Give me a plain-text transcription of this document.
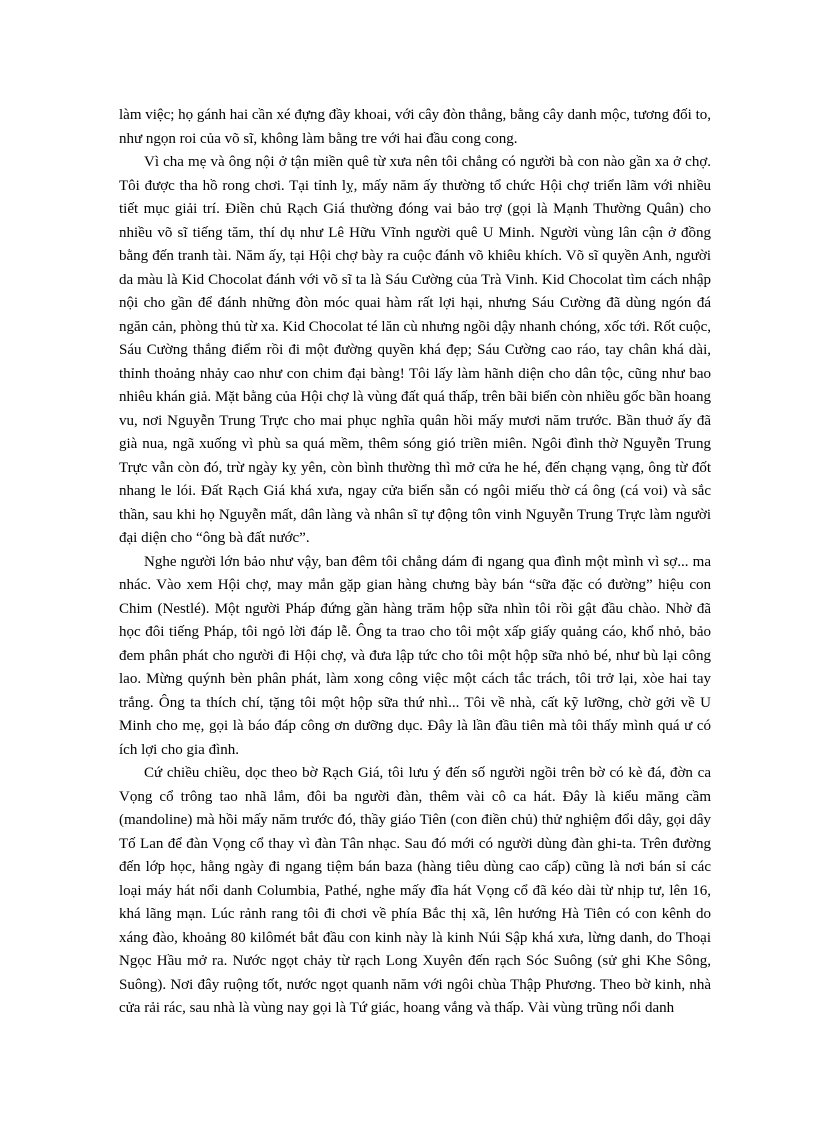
làm việc; họ gánh hai cần xé đựng đầy khoai, với cây đòn thẳng, bằng cây danh mộc, tương đối to, như ngọn roi của võ sĩ, không làm bằng tre với hai đầu cong cong.

Vì cha mẹ và ông nội ở tận miền quê từ xưa nên tôi chẳng có người bà con nào gần xa ở chợ. Tôi được tha hồ rong chơi. Tại tỉnh lỵ, mấy năm ấy thường tổ chức Hội chợ triển lãm với nhiều tiết mục giải trí. Điền chủ Rạch Giá thường đóng vai bảo trợ (gọi là Mạnh Thường Quân) cho nhiều võ sĩ tiếng tăm, thí dụ như Lê Hữu Vĩnh người quê U Minh. Người vùng lân cận ở đồng bằng đến tranh tài. Năm ấy, tại Hội chợ bày ra cuộc đánh võ khiêu khích. Võ sĩ quyền Anh, người da màu là Kid Chocolat đánh với võ sĩ ta là Sáu Cường của Trà Vinh. Kid Chocolat tìm cách nhập nội cho gần để đánh những đòn móc quai hàm rất lợi hại, nhưng Sáu Cường đã dùng ngón đá ngăn cản, phòng thủ từ xa. Kid Chocolat té lăn cù nhưng ngồi dậy nhanh chóng, xốc tới. Rốt cuộc, Sáu Cường thắng điểm rồi đi một đường quyền khá đẹp; Sáu Cường cao ráo, tay chân khá dài, thỉnh thoảng nhảy cao như con chim đại bàng! Tôi lấy làm hãnh diện cho dân tộc, cũng như bao nhiêu khán giả. Mặt bằng của Hội chợ là vùng đất quá thấp, trên bãi biển còn nhiều gốc bần hoang vu, nơi Nguyễn Trung Trực cho mai phục nghĩa quân hồi mấy mươi năm trước. Bần thuở ấy đã già nua, ngã xuống vì phù sa quá mềm, thêm sóng gió triền miên. Ngôi đình thờ Nguyễn Trung Trực vẫn còn đó, trừ ngày kỵ yên, còn bình thường thì mở cửa he hé, đến chạng vạng, ông từ đốt nhang le lói. Đất Rạch Giá khá xưa, ngay cửa biển sẵn có ngôi miếu thờ cá ông (cá voi) và sắc thần, sau khi họ Nguyễn mất, dân làng và nhân sĩ tự động tôn vinh Nguyễn Trung Trực làm người đại diện cho “ông bà đất nước”.

Nghe người lớn bảo như vậy, ban đêm tôi chẳng dám đi ngang qua đình một mình vì sợ... ma nhác. Vào xem Hội chợ, may mắn gặp gian hàng chưng bày bán “sữa đặc có đường” hiệu con Chim (Nestlé). Một người Pháp đứng gần hàng trăm hộp sữa nhìn tôi rồi gật đầu chào. Nhờ đã học đôi tiếng Pháp, tôi ngỏ lời đáp lễ. Ông ta trao cho tôi một xấp giấy quảng cáo, khổ nhỏ, bảo đem phân phát cho người đi Hội chợ, và đưa lập tức cho tôi một hộp sữa nhỏ bé, như bù lại công lao. Mừng quýnh bèn phân phát, làm xong công việc một cách tắc trách, tôi trở lại, xòe hai tay trắng. Ông ta thích chí, tặng tôi một hộp sữa thứ nhì... Tôi về nhà, cất kỹ lưỡng, chờ gởi về U Minh cho mẹ, gọi là báo đáp công ơn dưỡng dục. Đây là lần đầu tiên mà tôi thấy mình quá ư có ích lợi cho gia đình.

Cứ chiều chiều, dọc theo bờ Rạch Giá, tôi lưu ý đến số người ngồi trên bờ có kè đá, đờn ca Vọng cổ trông tao nhã lắm, đôi ba người đàn, thêm vài cô ca hát. Đây là kiểu măng cầm (mandoline) mà hồi mấy năm trước đó, thầy giáo Tiên (con điền chủ) thử nghiệm đổi dây, gọi dây Tố Lan để đàn Vọng cổ thay vì đàn Tân nhạc. Sau đó mới có người dùng đàn ghi-ta. Trên đường đến lớp học, hằng ngày đi ngang tiệm bán baza (hàng tiêu dùng cao cấp) cũng là nơi bán sỉ các loại máy hát nổi danh Columbia, Pathé, nghe mấy đĩa hát Vọng cổ đã kéo dài từ nhịp tư, lên 16, khá lãng mạn. Lúc rảnh rang tôi đi chơi về phía Bắc thị xã, lên hướng Hà Tiên có con kênh do xáng đào, khoảng 80 kilômét bắt đầu con kinh này là kinh Núi Sập khá xưa, lừng danh, do Thoại Ngọc Hầu mở ra. Nước ngọt chảy từ rạch Long Xuyên đến rạch Sóc Suông (sử ghi Khe Sông, Suông). Nơi đây ruộng tốt, nước ngọt quanh năm với ngôi chùa Thập Phương. Theo bờ kinh, nhà cửa rải rác, sau nhà là vùng nay gọi là Tứ giác, hoang vắng và thấp. Vài vùng trũng nổi danh
